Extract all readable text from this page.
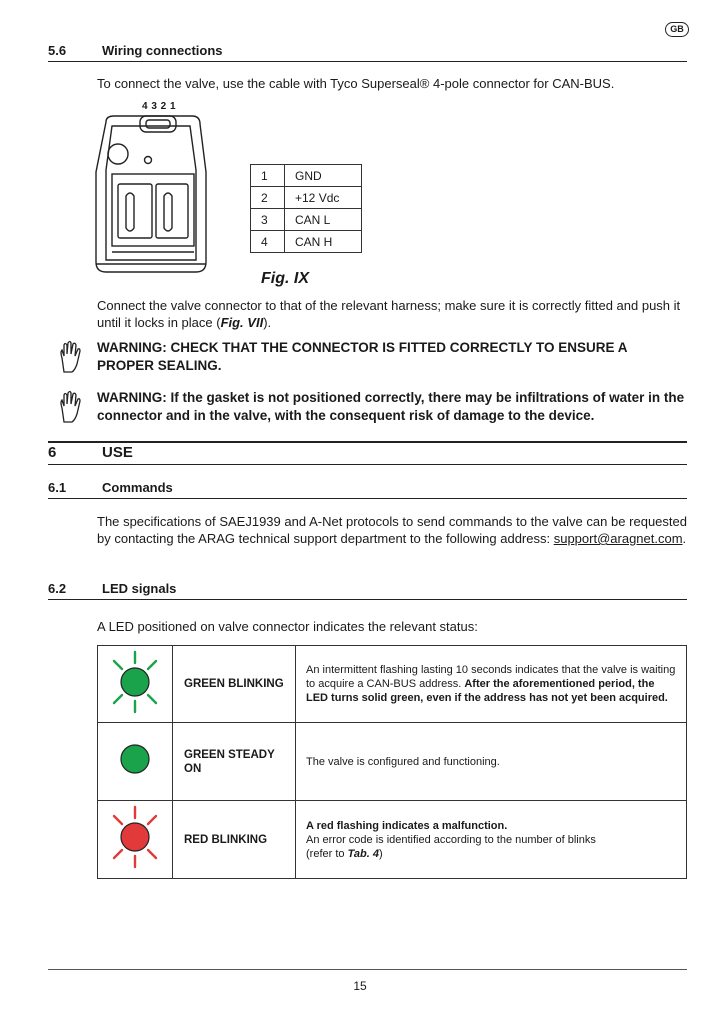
GB
5.6	Wiring connections
To connect the valve, use the cable with Tyco Superseal® 4-pole connector for CAN-BUS.
4 3 2 1
1	GND
2	+12 Vdc
3	CAN L
4	CAN H
Fig. IX
Connect the valve connector to that of the relevant harness; make sure it is correctly fitted and push it until it locks in place (Fig. VII).
WARNING: CHECK THAT THE CONNECTOR IS FITTED CORRECTLY TO ENSURE A PROPER SEALING.
WARNING: If the gasket is not positioned correctly, there may be infiltrations of water in the connector and in the valve, with the consequent risk of damage to the device.
6	USE
6.1	Commands
The specifications of SAEJ1939 and A-Net protocols to send commands to the valve can be requested by contacting the ARAG technical support department to the following address: support@aragnet.com.
6.2	LED signals
A LED positioned on valve connector indicates the relevant status:
	GREEN BLINKING	An intermittent flashing lasting 10 seconds indicates that the valve is waiting to acquire a CAN-BUS address. After the aforementioned period, the LED turns solid green, even if the address has not yet been acquired.
	GREEN STEADY ON	The valve is configured and functioning.
	RED BLINKING	A red flashing indicates a malfunction.
An error code is identified according to the number of blinks
(refer to Tab. 4)
15
